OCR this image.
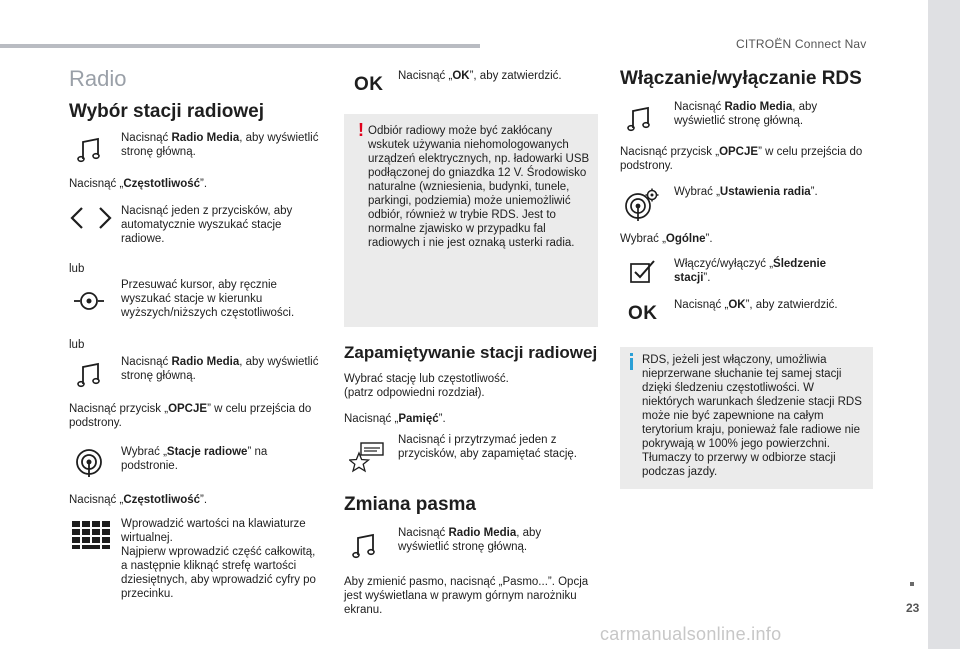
CITROËN Connect Nav
23
Radio
Wybór stacji radiowej
Nacisnąć Radio Media, aby wyświetlić stronę główną.
Nacisnąć „Częstotliwość”.
Nacisnąć jeden z przycisków, aby automatycznie wyszukać stacje radiowe.
lub
Przesuwać kursor, aby ręcznie wyszukać stacje w kierunku wyższych/niższych częstotliwości.
lub
Nacisnąć Radio Media, aby wyświetlić stronę główną.
Nacisnąć przycisk „OPCJE” w celu przejścia do podstrony.
Wybrać „Stacje radiowe” na podstronie.
Nacisnąć „Częstotliwość”.
Wprowadzić wartości na klawiaturze wirtualnej.
Najpierw wprowadzić część całkowitą, a następnie kliknąć strefę wartości dziesiętnych, aby wprowadzić cyfry po przecinku.
OK Nacisnąć „OK”, aby zatwierdzić.
! Odbiór radiowy może być zakłócany wskutek używania niehomologowanych urządzeń elektrycznych, np. ładowarki USB podłączonej do gniazdka 12 V. Środowisko naturalne (wzniesienia, budynki, tunele, parkingi, podziemia) może uniemożliwić odbiór, również w trybie RDS. Jest to normalne zjawisko w przypadku fal radiowych i nie jest oznaką usterki radia.
Zapamiętywanie stacji radiowej
Wybrać stację lub częstotliwość.
(patrz odpowiedni rozdział).
Nacisnąć „Pamięć”.
Nacisnąć i przytrzymać jeden z przycisków, aby zapamiętać stację.
Zmiana pasma
Nacisnąć Radio Media, aby wyświetlić stronę główną.
Aby zmienić pasmo, nacisnąć „Pasmo...”. Opcja jest wyświetlana w prawym górnym narożniku ekranu.
Włączanie/wyłączanie RDS
Nacisnąć Radio Media, aby wyświetlić stronę główną.
Nacisnąć przycisk „OPCJE” w celu przejścia do podstrony.
Wybrać „Ustawienia radia”.
Wybrać „Ogólne”.
Włączyć/wyłączyć „Śledzenie stacji”.
OK Nacisnąć „OK”, aby zatwierdzić.
RDS, jeżeli jest włączony, umożliwia nieprzerwane słuchanie tej samej stacji dzięki śledzeniu częstotliwości. W niektórych warunkach śledzenie stacji RDS może nie być zapewnione na całym terytorium kraju, ponieważ fale radiowe nie pokrywają w 100% jego powierzchni. Tłumaczy to przerwy w odbiorze stacji podczas jazdy.
carmanualsonline.info
